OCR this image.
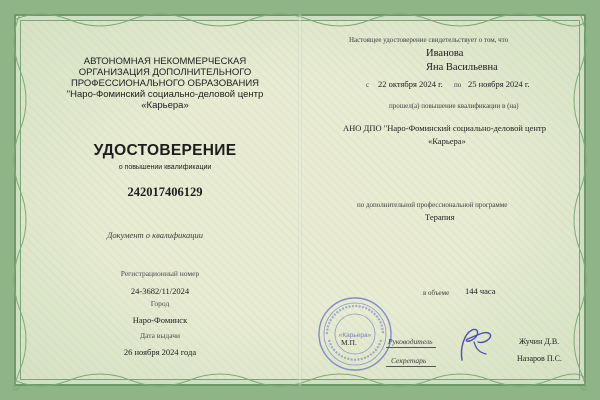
АВТОНОМНАЯ НЕКОММЕРЧЕСКАЯ
ОРГАНИЗАЦИЯ ДОПОЛНИТЕЛЬНОГО
ПРОФЕССИОНАЛЬНОГО ОБРАЗОВАНИЯ
"Наро-Фоминский социально-деловой центр
«Карьера»
УДОСТОВЕРЕНИЕ
о повышении квалификации
242017406129
Документ о квалификации
Регистрационный номер
24-3682/11/2024
Город
Наро-Фоминск
Дата выдачи
26 ноября 2024 года
Настоящее удостоверение свидетельствует о том, что
Иванова
Яна Васильевна
с 22 октября 2024 г. по 25 ноября 2024 г.
прошел(а) повышение квалификации в (на)
АНО ДПО "Наро-Фоминский социально-деловой центр
«Карьера»
по дополнительной профессиональной программе
Терапия
в объеме 144 часа
«Карьера»
М.П.	Руководитель
Секретарь
Жучин Д.В.
Назаров П.С.
